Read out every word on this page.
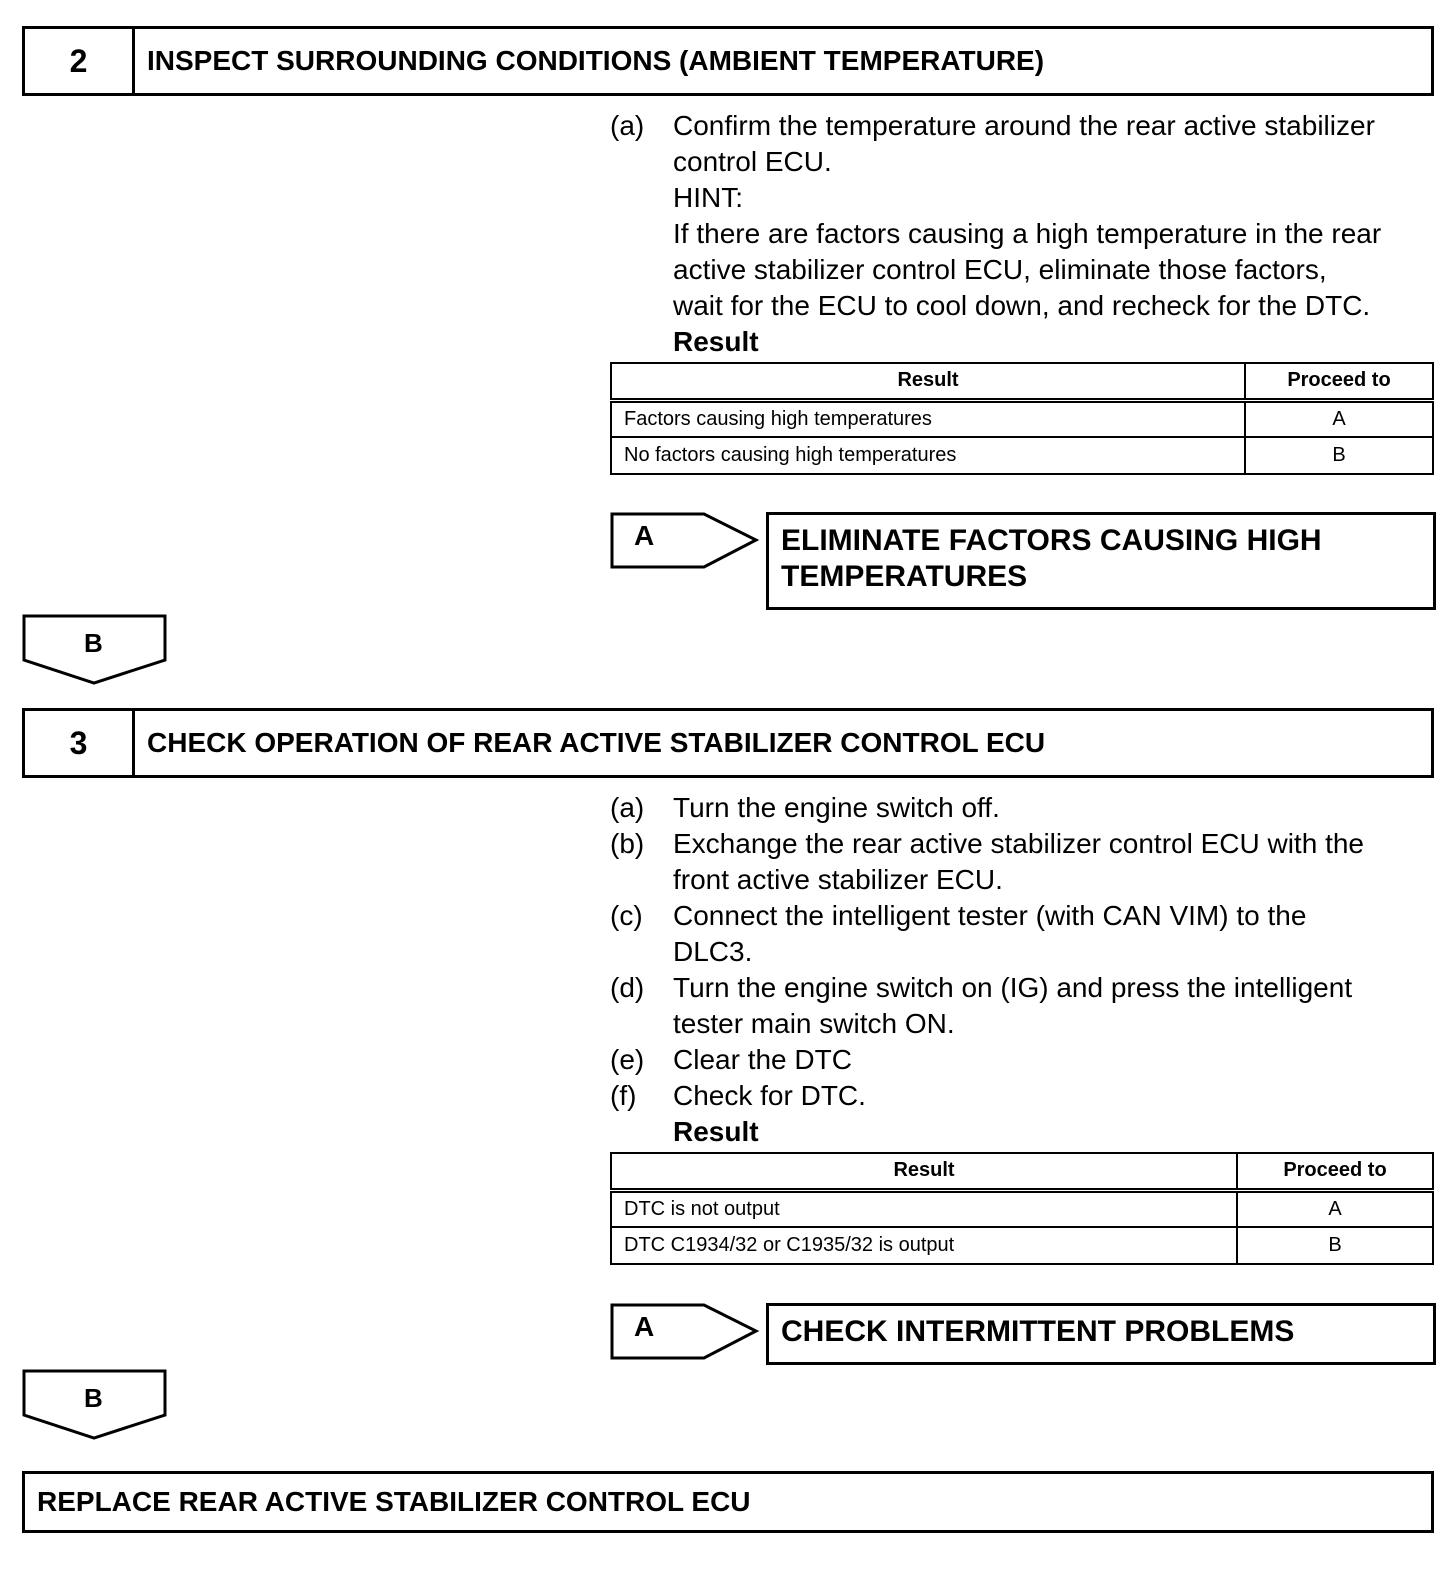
2	INSPECT SURROUNDING CONDITIONS (AMBIENT TEMPERATURE)
(a)	Confirm the temperature around the rear active stabilizer
control ECU.
HINT:
If there are factors causing a high temperature in the rear
active stabilizer control ECU, eliminate those factors,
wait for the ECU to cool down, and recheck for the DTC.
Result
Result	Proceed to
Factors causing high temperatures	A
No factors causing high temperatures	B
A	ELIMINATE FACTORS CAUSING HIGH
TEMPERATURES
B
3	CHECK OPERATION OF REAR ACTIVE STABILIZER CONTROL ECU
(a)	Turn the engine switch off.
(b)	Exchange the rear active stabilizer control ECU with the
front active stabilizer ECU.
(c)	Connect the intelligent tester (with CAN VIM) to the
DLC3.
(d)	Turn the engine switch on (IG) and press the intelligent
tester main switch ON.
(e)	Clear the DTC
(f)	Check for DTC.
Result
Result	Proceed to
DTC is not output	A
DTC C1934/32 or C1935/32 is output	B
A	CHECK INTERMITTENT PROBLEMS
B
REPLACE REAR ACTIVE STABILIZER CONTROL ECU
